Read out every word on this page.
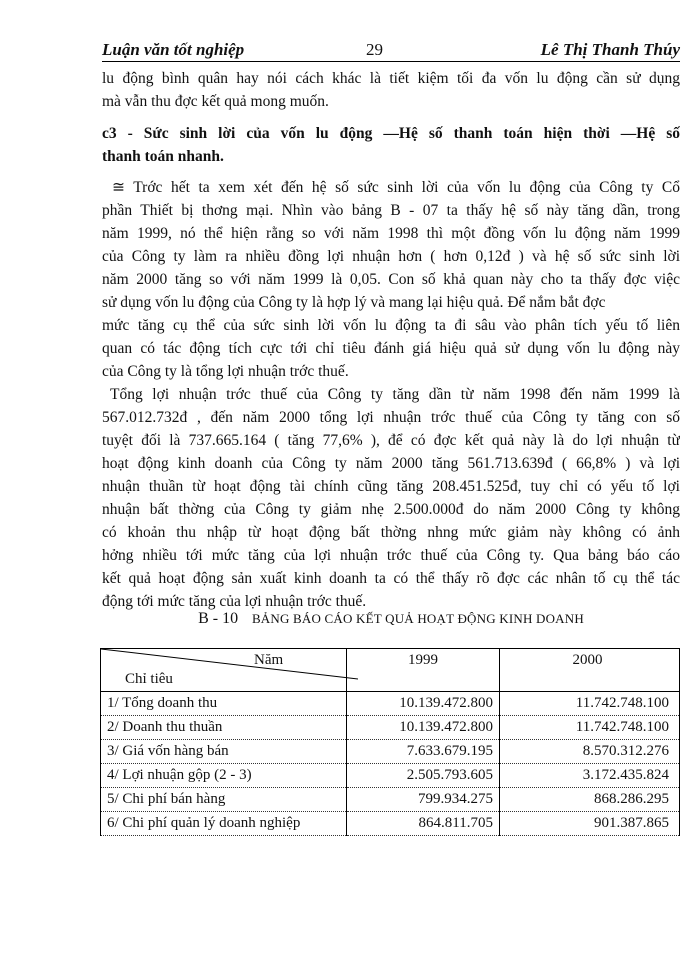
Luận văn tốt nghiệp	29	Lê Thị Thanh Thúy
lu động bình quân hay nói cách khác là tiết kiệm tối đa vốn lu động cần sử dụng
mà vẫn thu đợc kết quả mong muốn.
c3 - Sức sinh lời của vốn lu động —Hệ số thanh toán hiện thời —Hệ số
thanh toán nhanh.
≅ Trớc hết ta xem xét đến hệ số sức sinh lời của vốn lu động của Công ty Cổ
phần Thiết bị thơng mại. Nhìn vào bảng B - 07 ta thấy hệ số này tăng dần, trong
năm 1999, nó thể hiện rằng so với năm 1998 thì một đồng vốn lu động năm 1999
của Công ty làm ra nhiều đồng lợi nhuận hơn ( hơn 0,12đ ) và hệ số sức sinh lời
năm 2000 tăng so với năm 1999 là 0,05. Con số khả quan này cho ta thấy đợc việc
sử dụng vốn lu động của Công ty là hợp lý và mang lại hiệu quả. Để nắm bắt đợc
mức tăng cụ thể của sức sinh lời vốn lu động ta đi sâu vào phân tích yếu tố liên
quan có tác động tích cực tới chỉ tiêu đánh giá hiệu quả sử dụng vốn lu động này
của Công ty là tổng lợi nhuận trớc thuế.
Tổng lợi nhuận trớc thuế của Công ty tăng dần từ năm 1998 đến năm 1999 là
567.012.732đ , đến năm 2000 tổng lợi nhuận trớc thuế của Công ty tăng con số
tuyệt đối là 737.665.164 ( tăng 77,6% ), để có đợc kết quả này là do lợi nhuận từ
hoạt động kinh doanh của Công ty năm 2000 tăng 561.713.639đ ( 66,8% ) và lợi
nhuận thuần từ hoạt động tài chính cũng tăng 208.451.525đ, tuy chỉ có yếu tố lợi
nhuận bất thờng của Công ty giảm nhẹ 2.500.000đ do năm 2000 Công ty không
có khoản thu nhập từ hoạt động bất thờng nhng mức giảm này không có ảnh
hởng nhiều tới mức tăng của lợi nhuận trớc thuế của Công ty. Qua bảng báo cáo
kết quả hoạt động sản xuất kinh doanh ta có thể thấy rõ đợc các nhân tố cụ thể tác
động tới mức tăng của lợi nhuận trớc thuế.
B - 10 BẢNG BÁO CÁO KẾT QUẢ HOẠT ĐỘNG KINH DOANH
Năm
Chỉ tiêu	1999	2000
1/ Tổng doanh thu	10.139.472.800	11.742.748.100
2/ Doanh thu thuần	10.139.472.800	11.742.748.100
3/ Giá vốn hàng bán	7.633.679.195	8.570.312.276
4/ Lợi nhuận gộp (2 - 3)	2.505.793.605	3.172.435.824
5/ Chi phí bán hàng	799.934.275	868.286.295
6/ Chi phí quản lý doanh nghiệp	864.811.705	901.387.865
